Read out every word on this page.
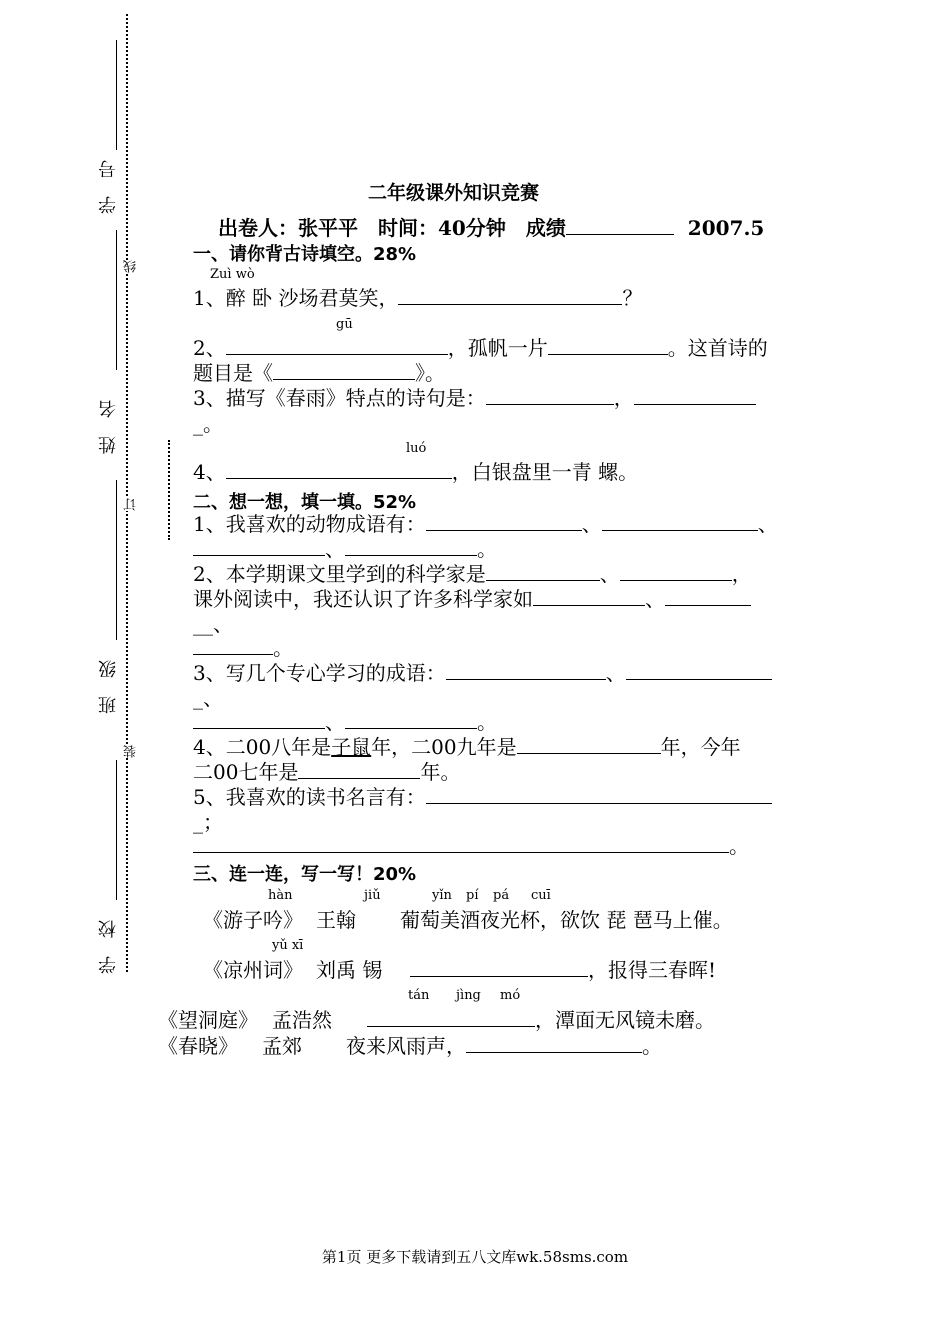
学　号
姓　名
班　级
学　校
线
订
装
二年级课外知识竞赛
出卷人：张平平　时间：40分钟　成绩	2007.5
一、请你背古诗填空。28%
Zuì wò
1、醉 卧 沙场君莫笑，	？
gū
2、	，孤帆一片	。这首诗的
题目是《	》。
3、描写《春雨》特点的诗句是：	，
_。
luó
4、	，白银盘里一青 螺。
二、想一想，填一填。52%
1、我喜欢的动物成语有：	、	、
、	。
2、本学期课文里学到的科学家是	、	，
课外阅读中，我还认识了许多科学家如	、
__、
。
3、写几个专心学习的成语：	、
_、
、	。
4、二00八年是子鼠年，二00九年是	年，今年
二00七年是	年。
5、我喜欢的读书名言有：
_；
。
三、连一连，写一写！20%
hàn	jiǔ	yǐn pí pá cuī
《游子吟》 王翰 葡萄美酒夜光杯，欲饮 琵 琶马上催。
yǔ xī
《凉州词》 刘禹 锡	，报得三春晖!
tán jìng mó
《望洞庭》 孟浩然	，潭面无风镜未磨。
《春晓》 孟郊 夜来风雨声，	。
第1页 更多下载请到五八文库wk.58sms.com
